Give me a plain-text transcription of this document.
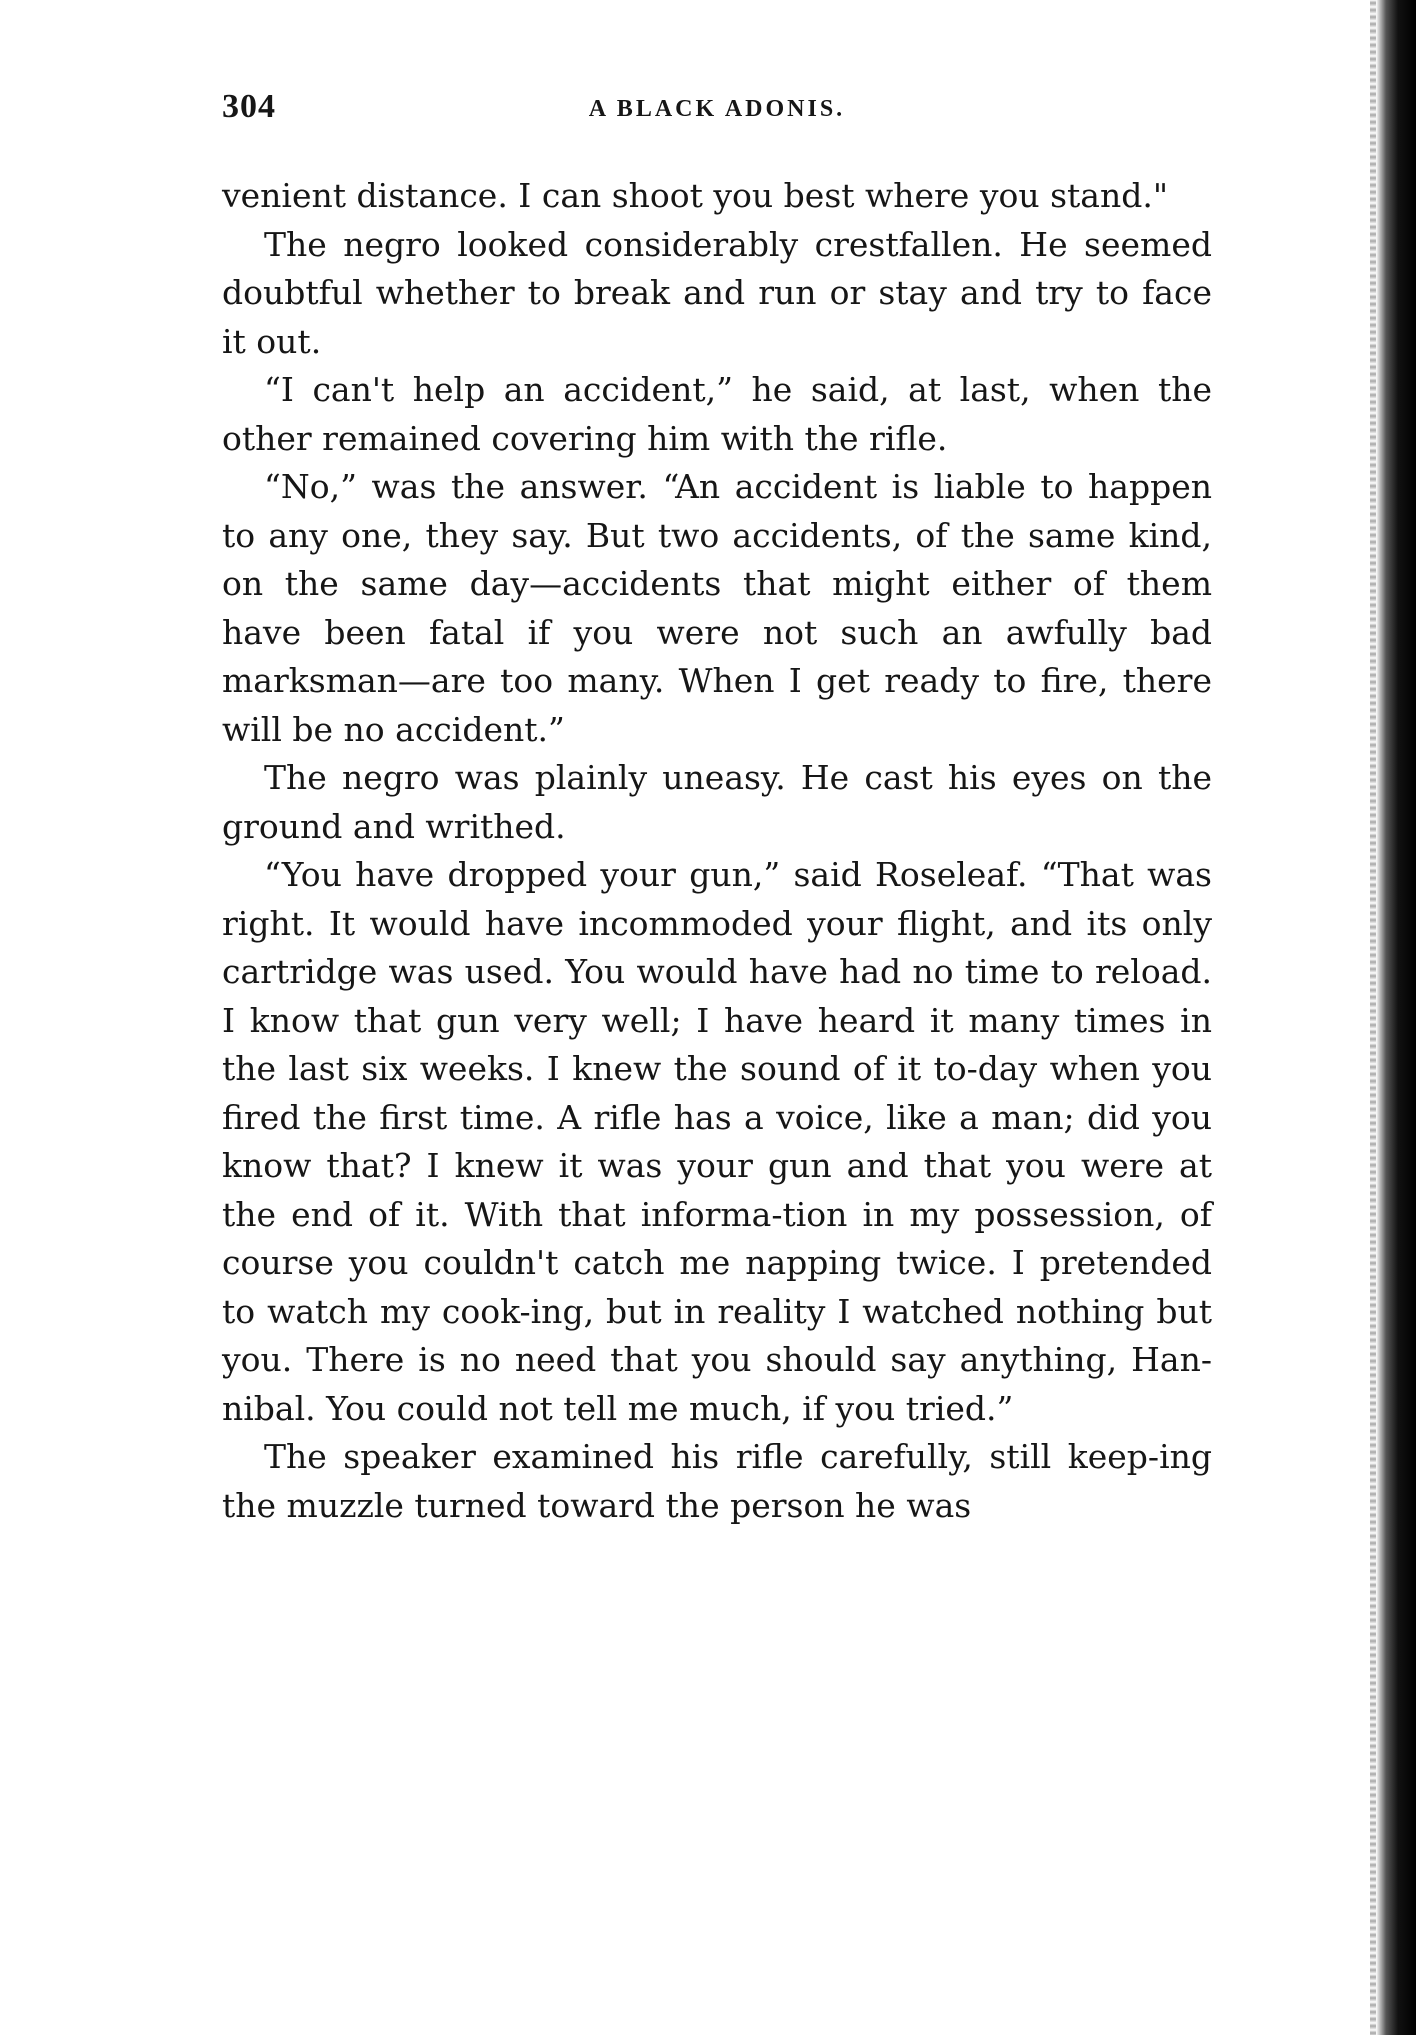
304	A BLACK ADONIS.

venient distance. I can shoot you best where you stand."

The negro looked considerably crestfallen. He seemed doubtful whether to break and run or stay and try to face it out.

“I can't help an accident,” he said, at last, when the other remained covering him with the rifle.

“No,” was the answer. “An accident is liable to happen to any one, they say. But two accidents, of the same kind, on the same day—accidents that might either of them have been fatal if you were not such an awfully bad marksman—are too many. When I get ready to fire, there will be no accident.”

The negro was plainly uneasy. He cast his eyes on the ground and writhed.

“You have dropped your gun,” said Roseleaf. “That was right. It would have incommoded your flight, and its only cartridge was used. You would have had no time to reload. I know that gun very well; I have heard it many times in the last six weeks. I knew the sound of it to-day when you fired the first time. A rifle has a voice, like a man; did you know that? I knew it was your gun and that you were at the end of it. With that informa-tion in my possession, of course you couldn't catch me napping twice. I pretended to watch my cook-ing, but in reality I watched nothing but you. There is no need that you should say anything, Han-nibal. You could not tell me much, if you tried.”

The speaker examined his rifle carefully, still keep-ing the muzzle turned toward the person he was
